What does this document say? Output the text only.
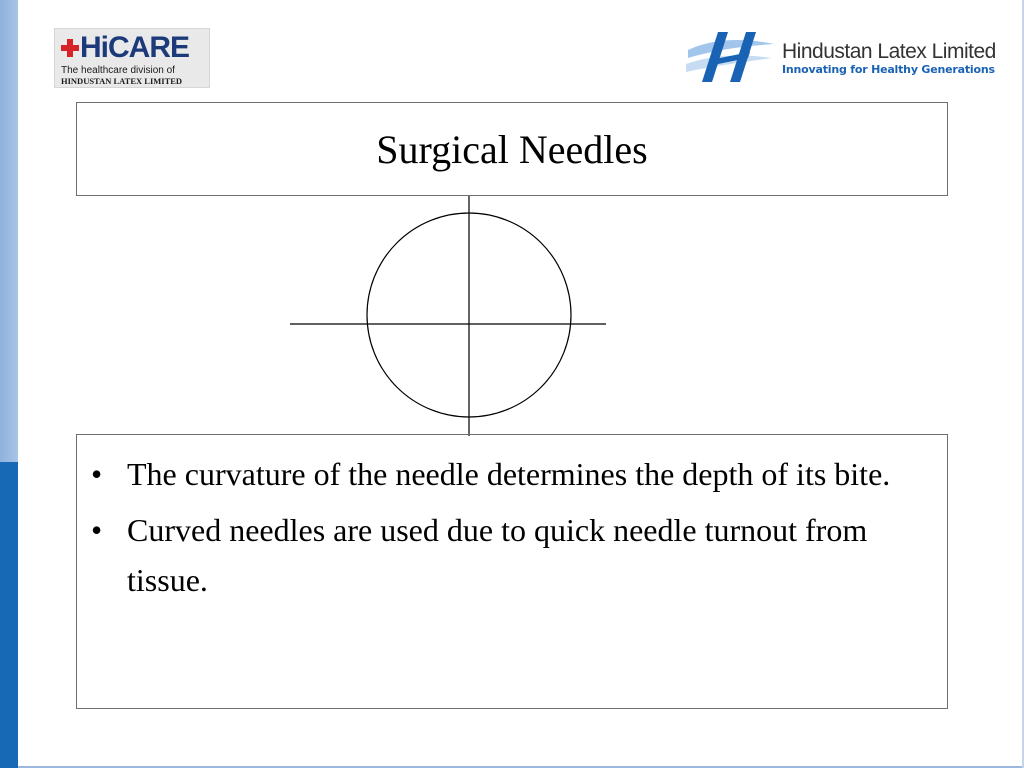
HiCARE
The healthcare division of
HINDUSTAN LATEX LIMITED
Hindustan Latex Limited
Innovating for Healthy Generations
Surgical Needles
• The curvature of the needle determines the depth of its bite.
• Curved needles are used due to quick needle turnout from tissue.
